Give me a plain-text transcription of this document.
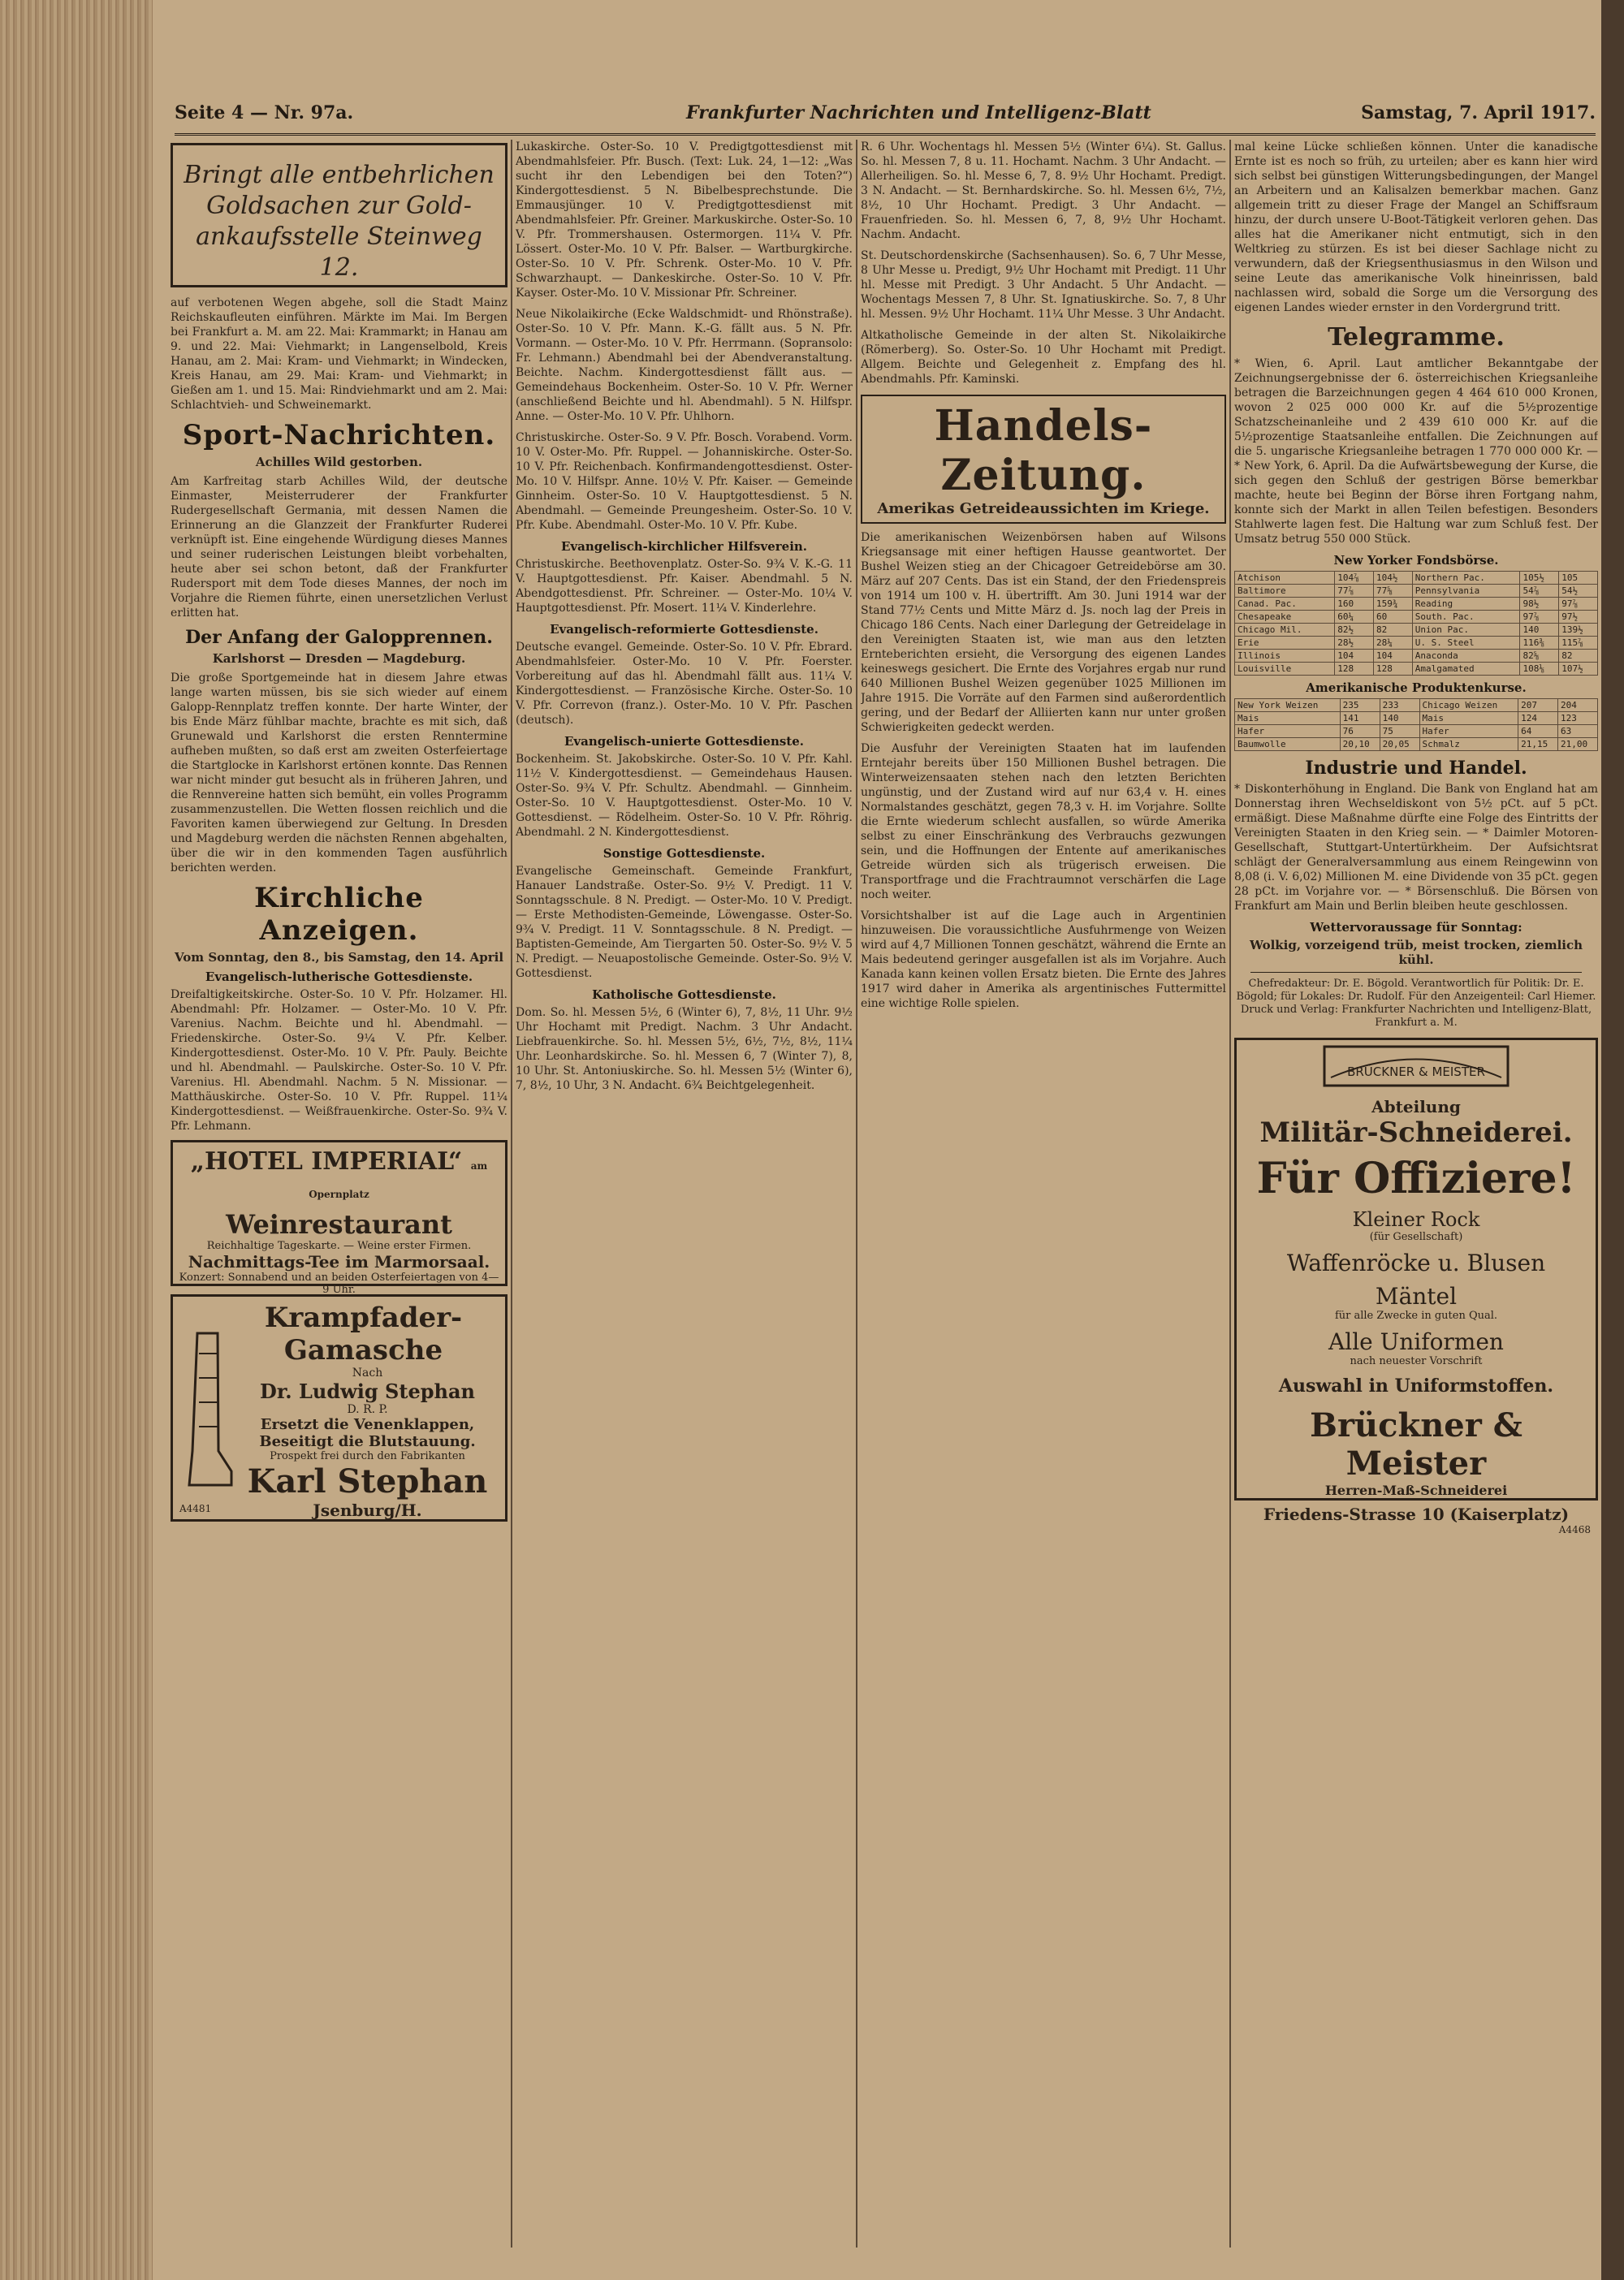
Seite 4 — Nr. 97a.	Frankfurter Nachrichten und Intelligenz-Blatt	Samstag, 7. April 1917.
Bringt alle entbehrlichen
Goldsachen zur Gold-
ankaufsstelle Steinweg 12.

auf verbotenen Wegen abgehe, soll die Stadt Mainz Reichskaufleuten einführen. Märkte im Mai. Im Bergen bei Frankfurt a. M. am 22. Mai: Krammarkt; in Hanau am 9. und 22. Mai: Viehmarkt; in Langenselbold, Kreis Hanau, am 2. Mai: Kram- und Viehmarkt; in Windecken, Kreis Hanau, am 29. Mai: Kram- und Viehmarkt; in Gießen am 1. und 15. Mai: Rindviehmarkt und am 2. Mai: Schlachtvieh- und Schweinemarkt.

Sport-Nachrichten.
Achilles Wild gestorben.

Am Karfreitag starb Achilles Wild, der deutsche Einmaster, Meisterruderer der Frankfurter Rudergesellschaft Germania, mit dessen Namen die Erinnerung an die Glanzzeit der Frankfurter Ruderei verknüpft ist. Eine eingehende Würdigung dieses Mannes und seiner ruderischen Leistungen bleibt vorbehalten, heute aber sei schon betont, daß der Frankfurter Rudersport mit dem Tode dieses Mannes, der noch im Vorjahre die Riemen führte, einen unersetzlichen Verlust erlitten hat.

Der Anfang der Galopprennen.
Karlshorst — Dresden — Magdeburg.

Die große Sportgemeinde hat in diesem Jahre etwas lange warten müssen, bis sie sich wieder auf einem Galopp-Rennplatz treffen konnte. Der harte Winter, der bis Ende März fühlbar machte, brachte es mit sich, daß Grunewald und Karlshorst die ersten Renntermine aufheben mußten, so daß erst am zweiten Osterfeiertage die Startglocke in Karlshorst ertönen konnte. Das Rennen war nicht minder gut besucht als in früheren Jahren, und die Rennvereine hatten sich bemüht, ein volles Programm zusammenzustellen. Die Wetten flossen reichlich und die Favoriten kamen überwiegend zur Geltung. In Dresden und Magdeburg werden die nächsten Rennen abgehalten, über die wir in den kommenden Tagen ausführlich berichten werden.

Kirchliche Anzeigen.
Vom Sonntag, den 8., bis Samstag, den 14. April
Evangelisch-lutherische Gottesdienste.

Dreifaltigkeitskirche. Oster-So. 10 V. Pfr. Holzamer. Hl. Abendmahl: Pfr. Holzamer. — Oster-Mo. 10 V. Pfr. Varenius. Nachm. Beichte und hl. Abendmahl. — Friedenskirche. Oster-So. 9¼ V. Pfr. Kelber. Kindergottesdienst. Oster-Mo. 10 V. Pfr. Pauly. Beichte und hl. Abendmahl. — Paulskirche. Oster-So. 10 V. Pfr. Varenius. Hl. Abendmahl. Nachm. 5 N. Missionar. — Matthäuskirche. Oster-So. 10 V. Pfr. Ruppel. 11¼ Kindergottesdienst. — Weißfrauenkirche. Oster-So. 9¾ V. Pfr. Lehmann.

„HOTEL IMPERIAL“ am Opernplatz
Weinrestaurant
Reichhaltige Tageskarte. — Weine erster Firmen.
Nachmittags-Tee im Marmorsaal.
Konzert: Sonnabend und an beiden Osterfeiertagen von 4—9 Uhr.
Krampfader-Gamasche
Nach
Dr. Ludwig Stephan
D. R. P.
Ersetzt die Venenklappen,
Beseitigt die Blutstauung.
Prospekt frei durch den Fabrikanten
Karl Stephan
Jsenburg/H.
A4481

Lukaskirche. Oster-So. 10 V. Predigtgottesdienst mit Abendmahlsfeier. Pfr. Busch. (Text: Luk. 24, 1—12: „Was sucht ihr den Lebendigen bei den Toten?“) Kindergottesdienst. 5 N. Bibelbesprechstunde. Die Emmausjünger. 10 V. Predigtgottesdienst mit Abendmahlsfeier. Pfr. Greiner. Markuskirche. Oster-So. 10 V. Pfr. Trommershausen. Ostermorgen. 11¼ V. Pfr. Lössert. Oster-Mo. 10 V. Pfr. Balser. — Wartburgkirche. Oster-So. 10 V. Pfr. Schrenk. Oster-Mo. 10 V. Pfr. Schwarzhaupt. — Dankeskirche. Oster-So. 10 V. Pfr. Kayser. Oster-Mo. 10 V. Missionar Pfr. Schreiner.

Neue Nikolaikirche (Ecke Waldschmidt- und Rhönstraße). Oster-So. 10 V. Pfr. Mann. K.-G. fällt aus. 5 N. Pfr. Vormann. — Oster-Mo. 10 V. Pfr. Herrmann. (Sopransolo: Fr. Lehmann.) Abendmahl bei der Abendveranstaltung. Beichte. Nachm. Kindergottesdienst fällt aus. — Gemeindehaus Bockenheim. Oster-So. 10 V. Pfr. Werner (anschließend Beichte und hl. Abendmahl). 5 N. Hilfspr. Anne. — Oster-Mo. 10 V. Pfr. Uhlhorn.

Christuskirche. Oster-So. 9 V. Pfr. Bosch. Vorabend. Vorm. 10 V. Oster-Mo. Pfr. Ruppel. — Johanniskirche. Oster-So. 10 V. Pfr. Reichenbach. Konfirmandengottesdienst. Oster-Mo. 10 V. Hilfspr. Anne. 10½ V. Pfr. Kaiser. — Gemeinde Ginnheim. Oster-So. 10 V. Hauptgottesdienst. 5 N. Abendmahl. — Gemeinde Preungesheim. Oster-So. 10 V. Pfr. Kube. Abendmahl. Oster-Mo. 10 V. Pfr. Kube.

Evangelisch-kirchlicher Hilfsverein.

Christuskirche. Beethovenplatz. Oster-So. 9¾ V. K.-G. 11 V. Hauptgottesdienst. Pfr. Kaiser. Abendmahl. 5 N. Abendgottesdienst. Pfr. Schreiner. — Oster-Mo. 10¼ V. Hauptgottesdienst. Pfr. Mosert. 11¼ V. Kinderlehre.

Evangelisch-reformierte Gottesdienste.

Deutsche evangel. Gemeinde. Oster-So. 10 V. Pfr. Ebrard. Abendmahlsfeier. Oster-Mo. 10 V. Pfr. Foerster. Vorbereitung auf das hl. Abendmahl fällt aus. 11¼ V. Kindergottesdienst. — Französische Kirche. Oster-So. 10 V. Pfr. Correvon (franz.). Oster-Mo. 10 V. Pfr. Paschen (deutsch).

Evangelisch-unierte Gottesdienste.

Bockenheim. St. Jakobskirche. Oster-So. 10 V. Pfr. Kahl. 11½ V. Kindergottesdienst. — Gemeindehaus Hausen. Oster-So. 9¾ V. Pfr. Schultz. Abendmahl. — Ginnheim. Oster-So. 10 V. Hauptgottesdienst. Oster-Mo. 10 V. Gottesdienst. — Rödelheim. Oster-So. 10 V. Pfr. Röhrig. Abendmahl. 2 N. Kindergottesdienst.

Sonstige Gottesdienste.

Evangelische Gemeinschaft. Gemeinde Frankfurt, Hanauer Landstraße. Oster-So. 9½ V. Predigt. 11 V. Sonntagsschule. 8 N. Predigt. — Oster-Mo. 10 V. Predigt. — Erste Methodisten-Gemeinde, Löwengasse. Oster-So. 9¾ V. Predigt. 11 V. Sonntagsschule. 8 N. Predigt. — Baptisten-Gemeinde, Am Tiergarten 50. Oster-So. 9½ V. 5 N. Predigt. — Neuapostolische Gemeinde. Oster-So. 9½ V. Gottesdienst.

Katholische Gottesdienste.

Dom. So. hl. Messen 5½, 6 (Winter 6), 7, 8½, 11 Uhr. 9½ Uhr Hochamt mit Predigt. Nachm. 3 Uhr Andacht. Liebfrauenkirche. So. hl. Messen 5½, 6½, 7½, 8½, 11¼ Uhr. Leonhardskirche. So. hl. Messen 6, 7 (Winter 7), 8, 10 Uhr. St. Antoniuskirche. So. hl. Messen 5½ (Winter 6), 7, 8½, 10 Uhr, 3 N. Andacht. 6¾ Beichtgelegenheit.

R. 6 Uhr. Wochentags hl. Messen 5½ (Winter 6¼). St. Gallus. So. hl. Messen 7, 8 u. 11. Hochamt. Nachm. 3 Uhr Andacht. — Allerheiligen. So. hl. Messe 6, 7, 8. 9½ Uhr Hochamt. Predigt. 3 N. Andacht. — St. Bernhardskirche. So. hl. Messen 6½, 7½, 8½, 10 Uhr Hochamt. Predigt. 3 Uhr Andacht. — Frauenfrieden. So. hl. Messen 6, 7, 8, 9½ Uhr Hochamt. Nachm. Andacht.

St. Deutschordenskirche (Sachsenhausen). So. 6, 7 Uhr Messe, 8 Uhr Messe u. Predigt, 9½ Uhr Hochamt mit Predigt. 11 Uhr hl. Messe mit Predigt. 3 Uhr Andacht. 5 Uhr Andacht. — Wochentags Messen 7, 8 Uhr. St. Ignatiuskirche. So. 7, 8 Uhr hl. Messen. 9½ Uhr Hochamt. 11¼ Uhr Messe. 3 Uhr Andacht.

Altkatholische Gemeinde in der alten St. Nikolaikirche (Römerberg). So. Oster-So. 10 Uhr Hochamt mit Predigt. Allgem. Beichte und Gelegenheit z. Empfang des hl. Abendmahls. Pfr. Kaminski.

Handels-Zeitung.
Amerikas Getreideaussichten im Kriege.

Die amerikanischen Weizenbörsen haben auf Wilsons Kriegsansage mit einer heftigen Hausse geantwortet. Der Bushel Weizen stieg an der Chicagoer Getreidebörse am 30. März auf 207 Cents. Das ist ein Stand, der den Friedenspreis von 1914 um 100 v. H. übertrifft. Am 30. Juni 1914 war der Stand 77½ Cents und Mitte März d. Js. noch lag der Preis in Chicago 186 Cents. Nach einer Darlegung der Getreidelage in den Vereinigten Staaten ist, wie man aus den letzten Ernteberichten ersieht, die Versorgung des eigenen Landes keineswegs gesichert. Die Ernte des Vorjahres ergab nur rund 640 Millionen Bushel Weizen gegenüber 1025 Millionen im Jahre 1915. Die Vorräte auf den Farmen sind außerordentlich gering, und der Bedarf der Alliierten kann nur unter großen Schwierigkeiten gedeckt werden.

Die Ausfuhr der Vereinigten Staaten hat im laufenden Erntejahr bereits über 150 Millionen Bushel betragen. Die Winterweizensaaten stehen nach den letzten Berichten ungünstig, und der Zustand wird auf nur 63,4 v. H. eines Normalstandes geschätzt, gegen 78,3 v. H. im Vorjahre. Sollte die Ernte wiederum schlecht ausfallen, so würde Amerika selbst zu einer Einschränkung des Verbrauchs gezwungen sein, und die Hoffnungen der Entente auf amerikanisches Getreide würden sich als trügerisch erweisen. Die Transportfrage und die Frachtraumnot verschärfen die Lage noch weiter.

Vorsichtshalber ist auf die Lage auch in Argentinien hinzuweisen. Die voraussichtliche Ausfuhrmenge von Weizen wird auf 4,7 Millionen Tonnen geschätzt, während die Ernte an Mais bedeutend geringer ausgefallen ist als im Vorjahre. Auch Kanada kann keinen vollen Ersatz bieten. Die Ernte des Jahres 1917 wird daher in Amerika als argentinisches Futtermittel eine wichtige Rolle spielen.

mal keine Lücke schließen können. Unter die kanadische Ernte ist es noch so früh, zu urteilen; aber es kann hier wird sich selbst bei günstigen Witterungsbedingungen, der Mangel an Arbeitern und an Kalisalzen bemerkbar machen. Ganz allgemein tritt zu dieser Frage der Mangel an Schiffsraum hinzu, der durch unsere U-Boot-Tätigkeit verloren gehen. Das alles hat die Amerikaner nicht entmutigt, sich in den Weltkrieg zu stürzen. Es ist bei dieser Sachlage nicht zu verwundern, daß der Kriegsenthusiasmus in den Wilson und seine Leute das amerikanische Volk hineinrissen, bald nachlassen wird, sobald die Sorge um die Versorgung des eigenen Landes wieder ernster in den Vordergrund tritt.

Telegramme.

* Wien, 6. April. Laut amtlicher Bekanntgabe der Zeichnungsergebnisse der 6. österreichischen Kriegsanleihe betragen die Barzeichnungen gegen 4 464 610 000 Kronen, wovon 2 025 000 000 Kr. auf die 5½prozentige Schatzscheinanleihe und 2 439 610 000 Kr. auf die 5½prozentige Staatsanleihe entfallen. Die Zeichnungen auf die 5. ungarische Kriegsanleihe betragen 1 770 000 000 Kr. — * New York, 6. April. Da die Aufwärtsbewegung der Kurse, die sich gegen den Schluß der gestrigen Börse bemerkbar machte, heute bei Beginn der Börse ihren Fortgang nahm, konnte sich der Markt in allen Teilen befestigen. Besonders Stahlwerte lagen fest. Die Haltung war zum Schluß fest. Der Umsatz betrug 550 000 Stück.

New Yorker Fondsbörse.
Atchison	104⅞	104½	Northern Pac.	105½	105
Baltimore	77⅞	77⅝	Pennsylvania	54⅞	54½
Canad. Pac.	160	159¾	Reading	98½	97⅞
Chesapeake	60¼	60	South. Pac.	97⅞	97½
Chicago Mil.	82½	82	Union Pac.	140	139½
Erie	28½	28¼	U. S. Steel	116⅜	115⅞
Illinois	104	104	Anaconda	82⅝	82
Louisville	128	128	Amalgamated	108⅛	107½
Amerikanische Produktenkurse.
New York Weizen	235	233	Chicago Weizen	207	204
Mais	141	140	Mais	124	123
Hafer	76	75	Hafer	64	63
Baumwolle	20,10	20,05	Schmalz	21,15	21,00
Industrie und Handel.

* Diskonterhöhung in England. Die Bank von England hat am Donnerstag ihren Wechseldiskont von 5½ pCt. auf 5 pCt. ermäßigt. Diese Maßnahme dürfte eine Folge des Eintritts der Vereinigten Staaten in den Krieg sein. — * Daimler Motoren-Gesellschaft, Stuttgart-Untertürkheim. Der Aufsichtsrat schlägt der Generalversammlung aus einem Reingewinn von 8,08 (i. V. 6,02) Millionen M. eine Dividende von 35 pCt. gegen 28 pCt. im Vorjahre vor. — * Börsenschluß. Die Börsen von Frankfurt am Main und Berlin bleiben heute geschlossen.

Wettervoraussage für Sonntag:
Wolkig, vorzeigend trüb, meist trocken, ziemlich kühl.
Chefredakteur: Dr. E. Bögold. Verantwortlich für Politik: Dr. E. Bögold; für Lokales: Dr. Rudolf. Für den Anzeigenteil: Carl Hiemer. Druck und Verlag: Frankfurter Nachrichten und Intelligenz-Blatt, Frankfurt a. M.
BRÜCKNER & MEISTER
Abteilung
Militär-Schneiderei.
Für Offiziere!
Kleiner Rock
(für Gesellschaft)
Waffenröcke u. Blusen
Mäntel
für alle Zwecke in guten Qual.
Alle Uniformen
nach neuester Vorschrift
Auswahl in Uniformstoffen.
Brückner & Meister
Herren-Maß-Schneiderei
Friedens-Strasse 10 (Kaiserplatz)
A4468
